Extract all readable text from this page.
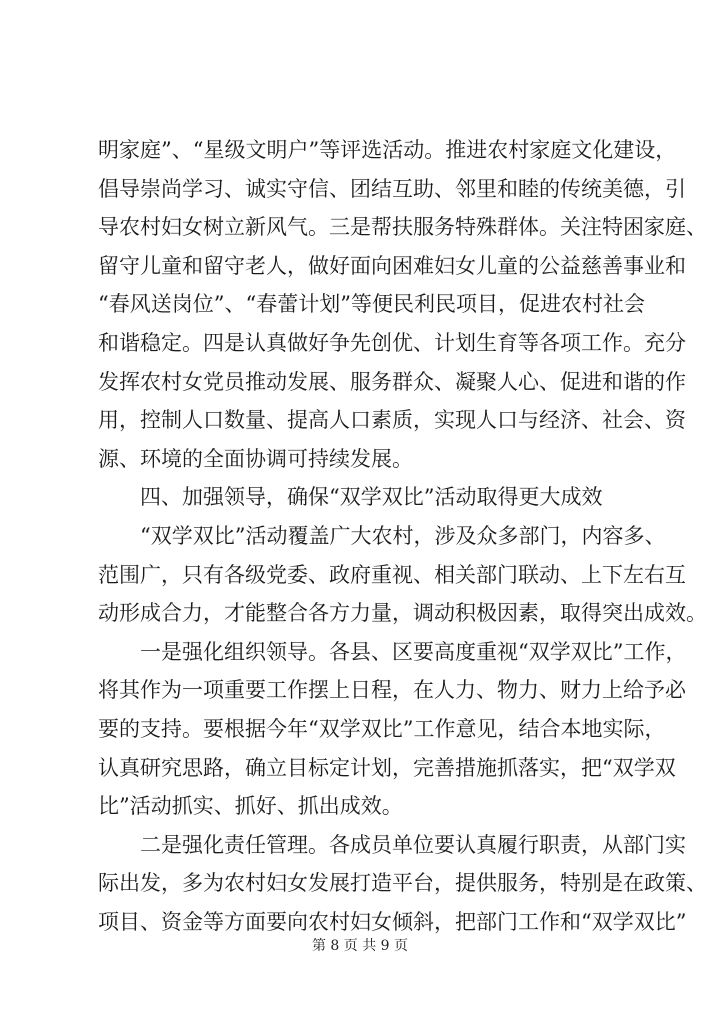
明家庭”、“星级文明户”等评选活动。推进农村家庭文化建设，
倡导崇尚学习、诚实守信、团结互助、邻里和睦的传统美德，引
导农村妇女树立新风气。三是帮扶服务特殊群体。关注特困家庭、
留守儿童和留守老人，做好面向困难妇女儿童的公益慈善事业和
“春风送岗位”、“春蕾计划”等便民利民项目，促进农村社会
和谐稳定。四是认真做好争先创优、计划生育等各项工作。充分
发挥农村女党员推动发展、服务群众、凝聚人心、促进和谐的作
用，控制人口数量、提高人口素质，实现人口与经济、社会、资
源、环境的全面协调可持续发展。
四、加强领导，确保“双学双比”活动取得更大成效
“双学双比”活动覆盖广大农村，涉及众多部门，内容多、
范围广，只有各级党委、政府重视、相关部门联动、上下左右互
动形成合力，才能整合各方力量，调动积极因素，取得突出成效。
一是强化组织领导。各县、区要高度重视“双学双比”工作，
将其作为一项重要工作摆上日程，在人力、物力、财力上给予必
要的支持。要根据今年“双学双比”工作意见，结合本地实际，
认真研究思路，确立目标定计划，完善措施抓落实，把“双学双
比”活动抓实、抓好、抓出成效。
二是强化责任管理。各成员单位要认真履行职责，从部门实
际出发，多为农村妇女发展打造平台，提供服务，特别是在政策、
项目、资金等方面要向农村妇女倾斜，把部门工作和“双学双比”
第 8 页 共 9 页
